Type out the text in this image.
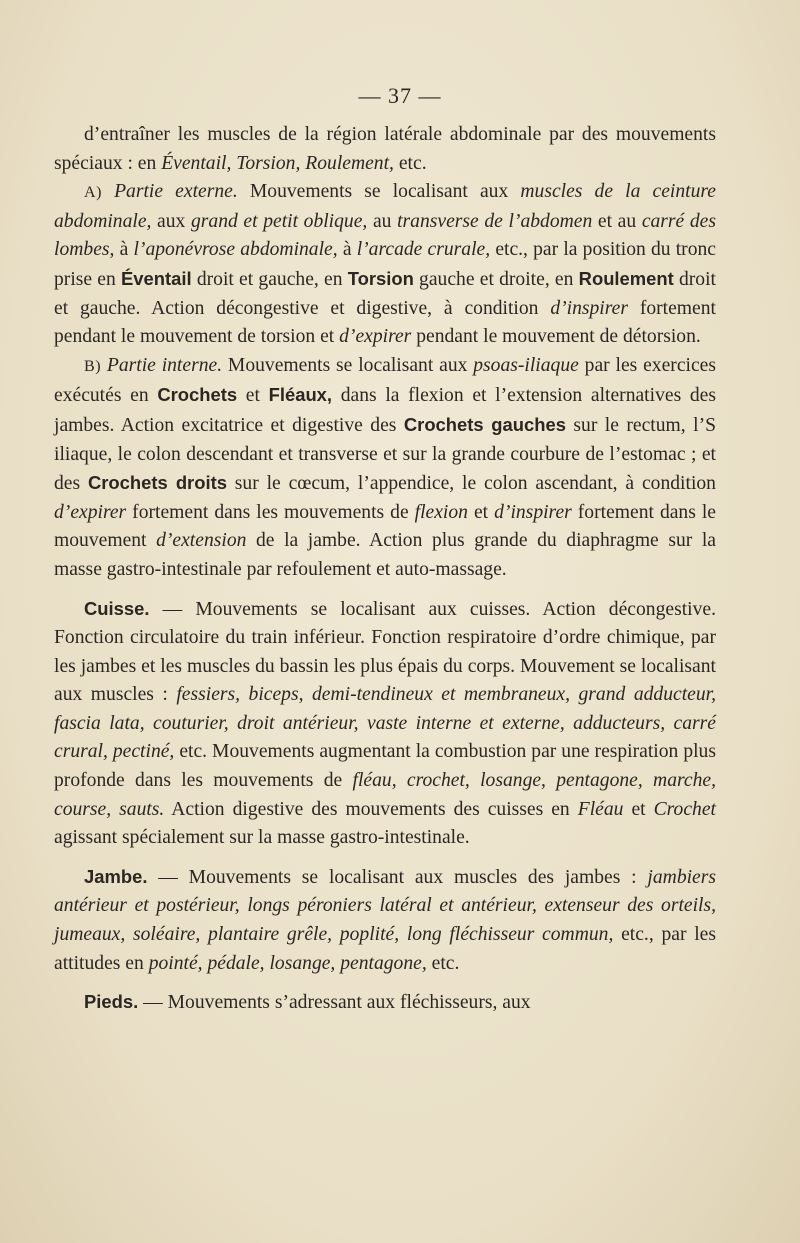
— 37 —

d’entraîner les muscles de la région latérale abdominale par des mouvements spéciaux : en Éventail, Torsion, Roulement, etc.

A) Partie externe. Mouvements se localisant aux muscles de la ceinture abdominale, aux grand et petit oblique, au transverse de l’abdomen et au carré des lombes, à l’aponévrose abdominale, à l’arcade crurale, etc., par la position du tronc prise en Éventail droit et gauche, en Torsion gauche et droite, en Roulement droit et gauche. Action décongestive et digestive, à condition d’inspirer fortement pendant le mouvement de torsion et d’expirer pendant le mouvement de détorsion.

B) Partie interne. Mouvements se localisant aux psoas-iliaque par les exercices exécutés en Crochets et Fléaux, dans la flexion et l’extension alternatives des jambes. Action excitatrice et digestive des Crochets gauches sur le rectum, l’S iliaque, le colon descendant et transverse et sur la grande courbure de l’estomac ; et des Crochets droits sur le cœcum, l’appendice, le colon ascendant, à condition d’expirer fortement dans les mouvements de flexion et d’inspirer fortement dans le mouvement d’extension de la jambe. Action plus grande du diaphragme sur la masse gastro-intestinale par refoulement et auto-massage.

Cuisse. — Mouvements se localisant aux cuisses. Action décongestive. Fonction circulatoire du train inférieur. Fonction respiratoire d’ordre chimique, par les jambes et les muscles du bassin les plus épais du corps. Mouvement se localisant aux muscles : fessiers, biceps, demi-tendineux et membraneux, grand adducteur, fascia lata, couturier, droit antérieur, vaste interne et externe, adducteurs, carré crural, pectiné, etc. Mouvements augmentant la combustion par une respiration plus profonde dans les mouvements de fléau, crochet, losange, pentagone, marche, course, sauts. Action digestive des mouvements des cuisses en Fléau et Crochet agissant spécialement sur la masse gastro-intestinale.

Jambe. — Mouvements se localisant aux muscles des jambes : jambiers antérieur et postérieur, longs péroniers latéral et antérieur, extenseur des orteils, jumeaux, soléaire, plantaire grêle, poplité, long fléchisseur commun, etc., par les attitudes en pointé, pédale, losange, pentagone, etc.

Pieds. — Mouvements s’adressant aux fléchisseurs, aux
